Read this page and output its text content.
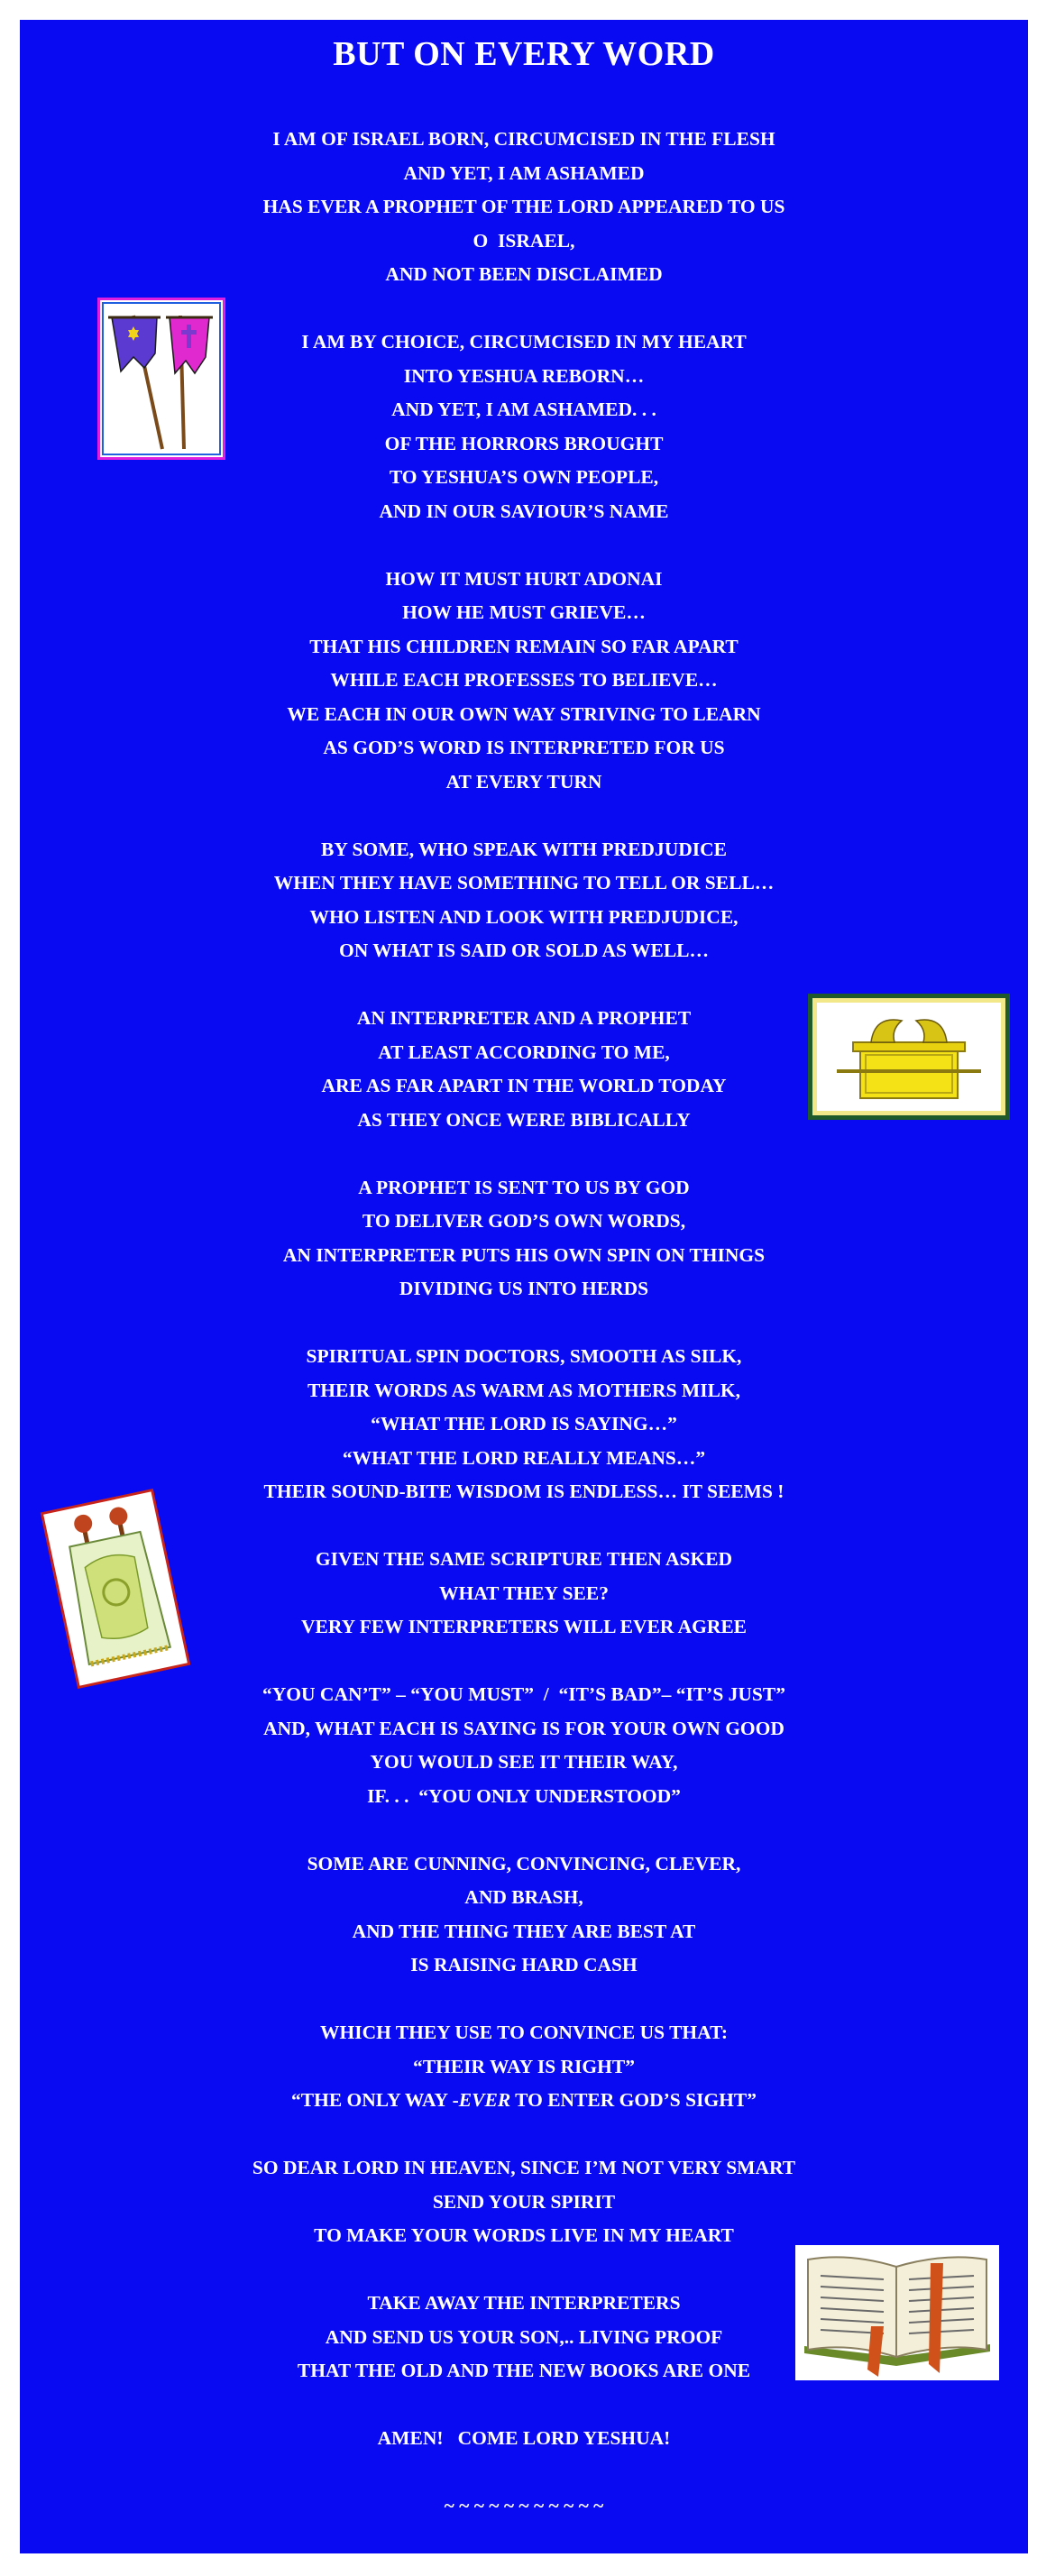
BUT ON EVERY WORD
I AM OF ISRAEL BORN, CIRCUMCISED IN THE FLESH
AND YET, I AM ASHAMED
HAS EVER A PROPHET OF THE LORD APPEARED TO US
O  ISRAEL,
AND NOT BEEN DISCLAIMED
I AM BY CHOICE, CIRCUMCISED IN MY HEART
INTO YESHUA REBORN…
AND YET, I AM ASHAMED. . .
OF THE HORRORS BROUGHT
TO YESHUA’S OWN PEOPLE,
AND IN OUR SAVIOUR’S NAME
HOW IT MUST HURT ADONAI
HOW HE MUST GRIEVE…
THAT HIS CHILDREN REMAIN SO FAR APART
WHILE EACH PROFESSES TO BELIEVE…
WE EACH IN OUR OWN WAY STRIVING TO LEARN
AS GOD’S WORD IS INTERPRETED FOR US
AT EVERY TURN
BY SOME, WHO SPEAK WITH PREDJUDICE
WHEN THEY HAVE SOMETHING TO TELL OR SELL…
WHO LISTEN AND LOOK WITH PREDJUDICE,
ON WHAT IS SAID OR SOLD AS WELL…
AN INTERPRETER AND A PROPHET
AT LEAST ACCORDING TO ME,
ARE AS FAR APART IN THE WORLD TODAY
AS THEY ONCE WERE BIBLICALLY
A PROPHET IS SENT TO US BY GOD
TO DELIVER GOD’S OWN WORDS,
AN INTERPRETER PUTS HIS OWN SPIN ON THINGS
DIVIDING US INTO HERDS
SPIRITUAL SPIN DOCTORS, SMOOTH AS SILK,
THEIR WORDS AS WARM AS MOTHERS MILK,
“WHAT THE LORD IS SAYING…”
“WHAT THE LORD REALLY MEANS…”
THEIR SOUND-BITE WISDOM IS ENDLESS… IT SEEMS !
GIVEN THE SAME SCRIPTURE THEN ASKED
WHAT THEY SEE?
VERY FEW INTERPRETERS WILL EVER AGREE
“YOU CAN’T” – “YOU MUST”  /  “IT’S BAD”– “IT’S JUST”
AND, WHAT EACH IS SAYING IS FOR YOUR OWN GOOD
YOU WOULD SEE IT THEIR WAY,
IF. . .  “YOU ONLY UNDERSTOOD”
SOME ARE CUNNING, CONVINCING, CLEVER,
AND BRASH,
AND THE THING THEY ARE BEST AT
IS RAISING HARD CASH
WHICH THEY USE TO CONVINCE US THAT:
“THEIR WAY IS RIGHT”
“THE ONLY WAY -EVER TO ENTER GOD’S SIGHT”
SO DEAR LORD IN HEAVEN, SINCE I’M NOT VERY SMART
SEND YOUR SPIRIT
TO MAKE YOUR WORDS LIVE IN MY HEART
TAKE AWAY THE INTERPRETERS
AND SEND US YOUR SON,.. LIVING PROOF
THAT THE OLD AND THE NEW BOOKS ARE ONE
AMEN!   COME LORD YESHUA!
~ ~ ~ ~ ~ ~ ~ ~ ~ ~ ~
